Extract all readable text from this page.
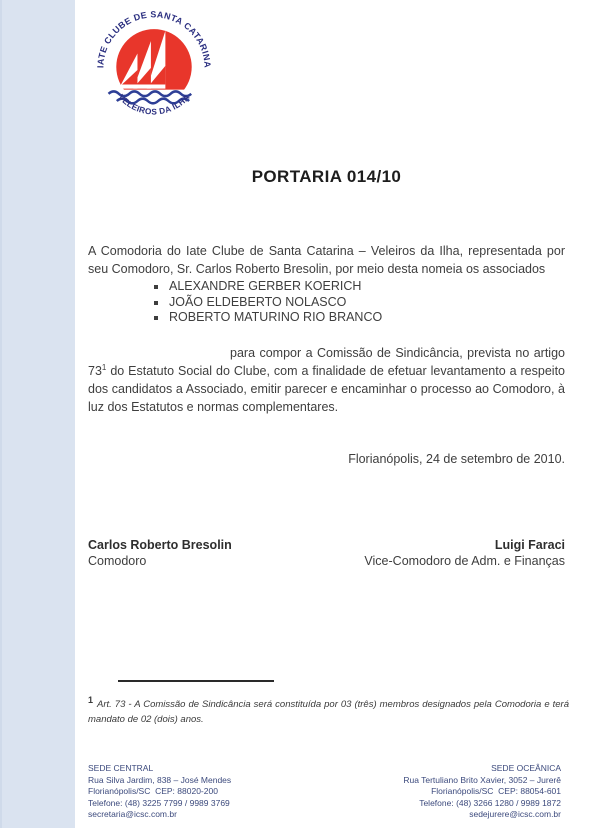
IATE CLUBE DE SANTA CATARINA
VELEIROS DA ILHA
PORTARIA 014/10

A Comodoria do Iate Clube de Santa Catarina – Veleiros da Ilha, representada por seu Comodoro, Sr. Carlos Roberto Bresolin, por meio desta nomeia os associados

ALEXANDRE GERBER KOERICH
JOÃO ELDEBERTO NOLASCO
ROBERTO MATURINO RIO BRANCO

para compor a Comissão de Sindicância, prevista no artigo 73$^1$ do Estatuto Social do Clube, com a finalidade de efetuar levantamento a respeito dos candidatos a Associado, emitir parecer e encaminhar o processo ao Comodoro, à luz dos Estatutos e normas complementares.

Florianópolis, 24 de setembro de 2010.
Carlos Roberto Bresolin
Comodoro
Luigi Faraci
Vice-Comodoro de Adm. e Finanças
$^1$ Art. 73 - A Comissão de Sindicância será constituída por 03 (três) membros designados pela Comodoria e terá mandato de 02 (dois) anos.
SEDE CENTRAL
Rua Silva Jardim, 838 – José Mendes
Florianópolis/SC  CEP: 88020-200
Telefone: (48) 3225 7799 / 9989 3769
secretaria@icsc.com.br
SEDE OCEÂNICA
Rua Tertuliano Brito Xavier, 3052 – Jurerê
Florianópolis/SC  CEP: 88054-601
Telefone: (48) 3266 1280 / 9989 1872
sedejurere@icsc.com.br
